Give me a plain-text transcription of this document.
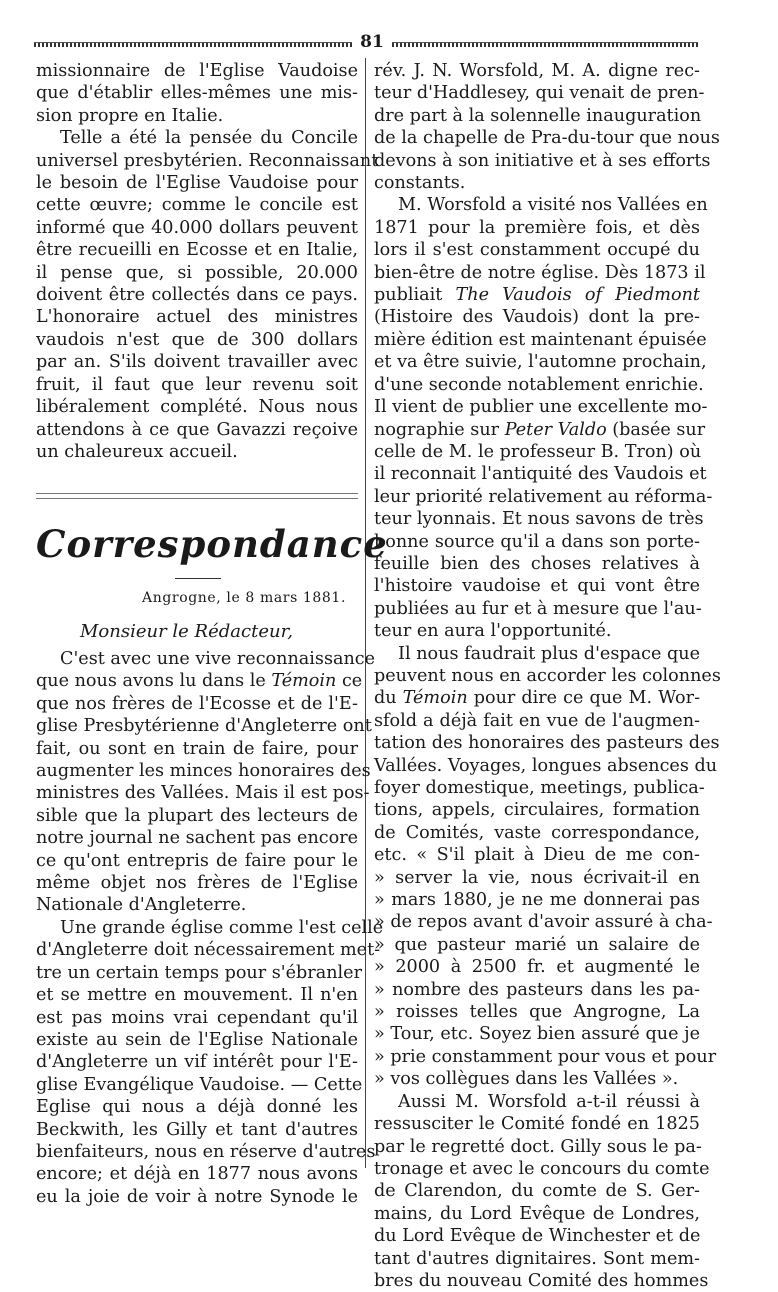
81
missionnaire de l'Eglise Vaudoise
que d'établir elles-mêmes une mis-
sion propre en Italie.
Telle a été la pensée du Concile
universel presbytérien. Reconnaissant
le besoin de l'Eglise Vaudoise pour
cette œuvre; comme le concile est
informé que 40.000 dollars peuvent
être recueilli en Ecosse et en Italie,
il pense que, si possible, 20.000
doivent être collectés dans ce pays.
L'honoraire actuel des ministres
vaudois n'est que de 300 dollars
par an. S'ils doivent travailler avec
fruit, il faut que leur revenu soit
libéralement complété. Nous nous
attendons à ce que Gavazzi reçoive
un chaleureux accueil.
Correspondance
Angrogne, le 8 mars 1881.
Monsieur le Rédacteur,
C'est avec une vive reconnaissance
que nous avons lu dans le Témoin ce
que nos frères de l'Ecosse et de l'E-
glise Presbytérienne d'Angleterre ont
fait, ou sont en train de faire, pour
augmenter les minces honoraires des
ministres des Vallées. Mais il est pos-
sible que la plupart des lecteurs de
notre journal ne sachent pas encore
ce qu'ont entrepris de faire pour le
même objet nos frères de l'Eglise
Nationale d'Angleterre.
Une grande église comme l'est celle
d'Angleterre doit nécessairement met-
tre un certain temps pour s'ébranler
et se mettre en mouvement. Il n'en
est pas moins vrai cependant qu'il
existe au sein de l'Eglise Nationale
d'Angleterre un vif intérêt pour l'E-
glise Evangélique Vaudoise. — Cette
Eglise qui nous a déjà donné les
Beckwith, les Gilly et tant d'autres
bienfaiteurs, nous en réserve d'autres
encore; et déjà en 1877 nous avons
eu la joie de voir à notre Synode le
rév. J. N. Worsfold, M. A. digne rec-
teur d'Haddlesey, qui venait de pren-
dre part à la solennelle inauguration
de la chapelle de Pra-du-tour que nous
devons à son initiative et à ses efforts
constants.
M. Worsfold a visité nos Vallées en
1871 pour la première fois, et dès
lors il s'est constamment occupé du
bien-être de notre église. Dès 1873 il
publiait The Vaudois of Piedmont
(Histoire des Vaudois) dont la pre-
mière édition est maintenant épuisée
et va être suivie, l'automne prochain,
d'une seconde notablement enrichie.
Il vient de publier une excellente mo-
nographie sur Peter Valdo (basée sur
celle de M. le professeur B. Tron) où
il reconnait l'antiquité des Vaudois et
leur priorité relativement au réforma-
teur lyonnais. Et nous savons de très
bonne source qu'il a dans son porte-
feuille bien des choses relatives à
l'histoire vaudoise et qui vont être
publiées au fur et à mesure que l'au-
teur en aura l'opportunité.
Il nous faudrait plus d'espace que
peuvent nous en accorder les colonnes
du Témoin pour dire ce que M. Wor-
sfold a déjà fait en vue de l'augmen-
tation des honoraires des pasteurs des
Vallées. Voyages, longues absences du
foyer domestique, meetings, publica-
tions, appels, circulaires, formation
de Comités, vaste correspondance,
etc. « S'il plait à Dieu de me con-
» server la vie, nous écrivait-il en
» mars 1880, je ne me donnerai pas
» de repos avant d'avoir assuré à cha-
» que pasteur marié un salaire de
» 2000 à 2500 fr. et augmenté le
» nombre des pasteurs dans les pa-
» roisses telles que Angrogne, La
» Tour, etc. Soyez bien assuré que je
» prie constamment pour vous et pour
» vos collègues dans les Vallées ».
Aussi M. Worsfold a-t-il réussi à
ressusciter le Comité fondé en 1825
par le regretté doct. Gilly sous le pa-
tronage et avec le concours du comte
de Clarendon, du comte de S. Ger-
mains, du Lord Evêque de Londres,
du Lord Evêque de Winchester et de
tant d'autres dignitaires. Sont mem-
bres du nouveau Comité des hommes
